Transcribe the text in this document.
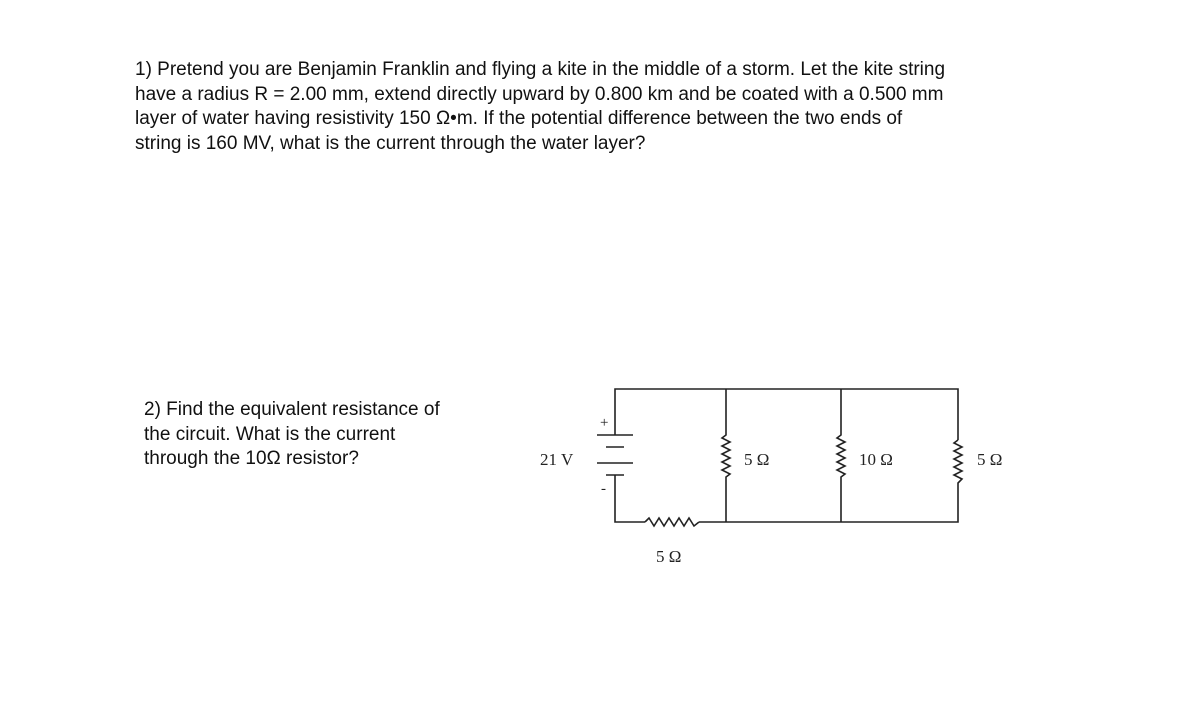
1) Pretend you are Benjamin Franklin and flying a kite in the middle of a storm. Let the kite string
have a radius R = 2.00 mm, extend directly upward by 0.800 km and be coated with a 0.500 mm
layer of water having resistivity 150 Ω•m. If the potential difference between the two ends of
string is 160 MV, what is the current through the water layer?
2) Find the equivalent resistance of
the circuit. What is the current
through the 10Ω resistor?
+
-
21 V
5 Ω
5 Ω	10 Ω	5 Ω
